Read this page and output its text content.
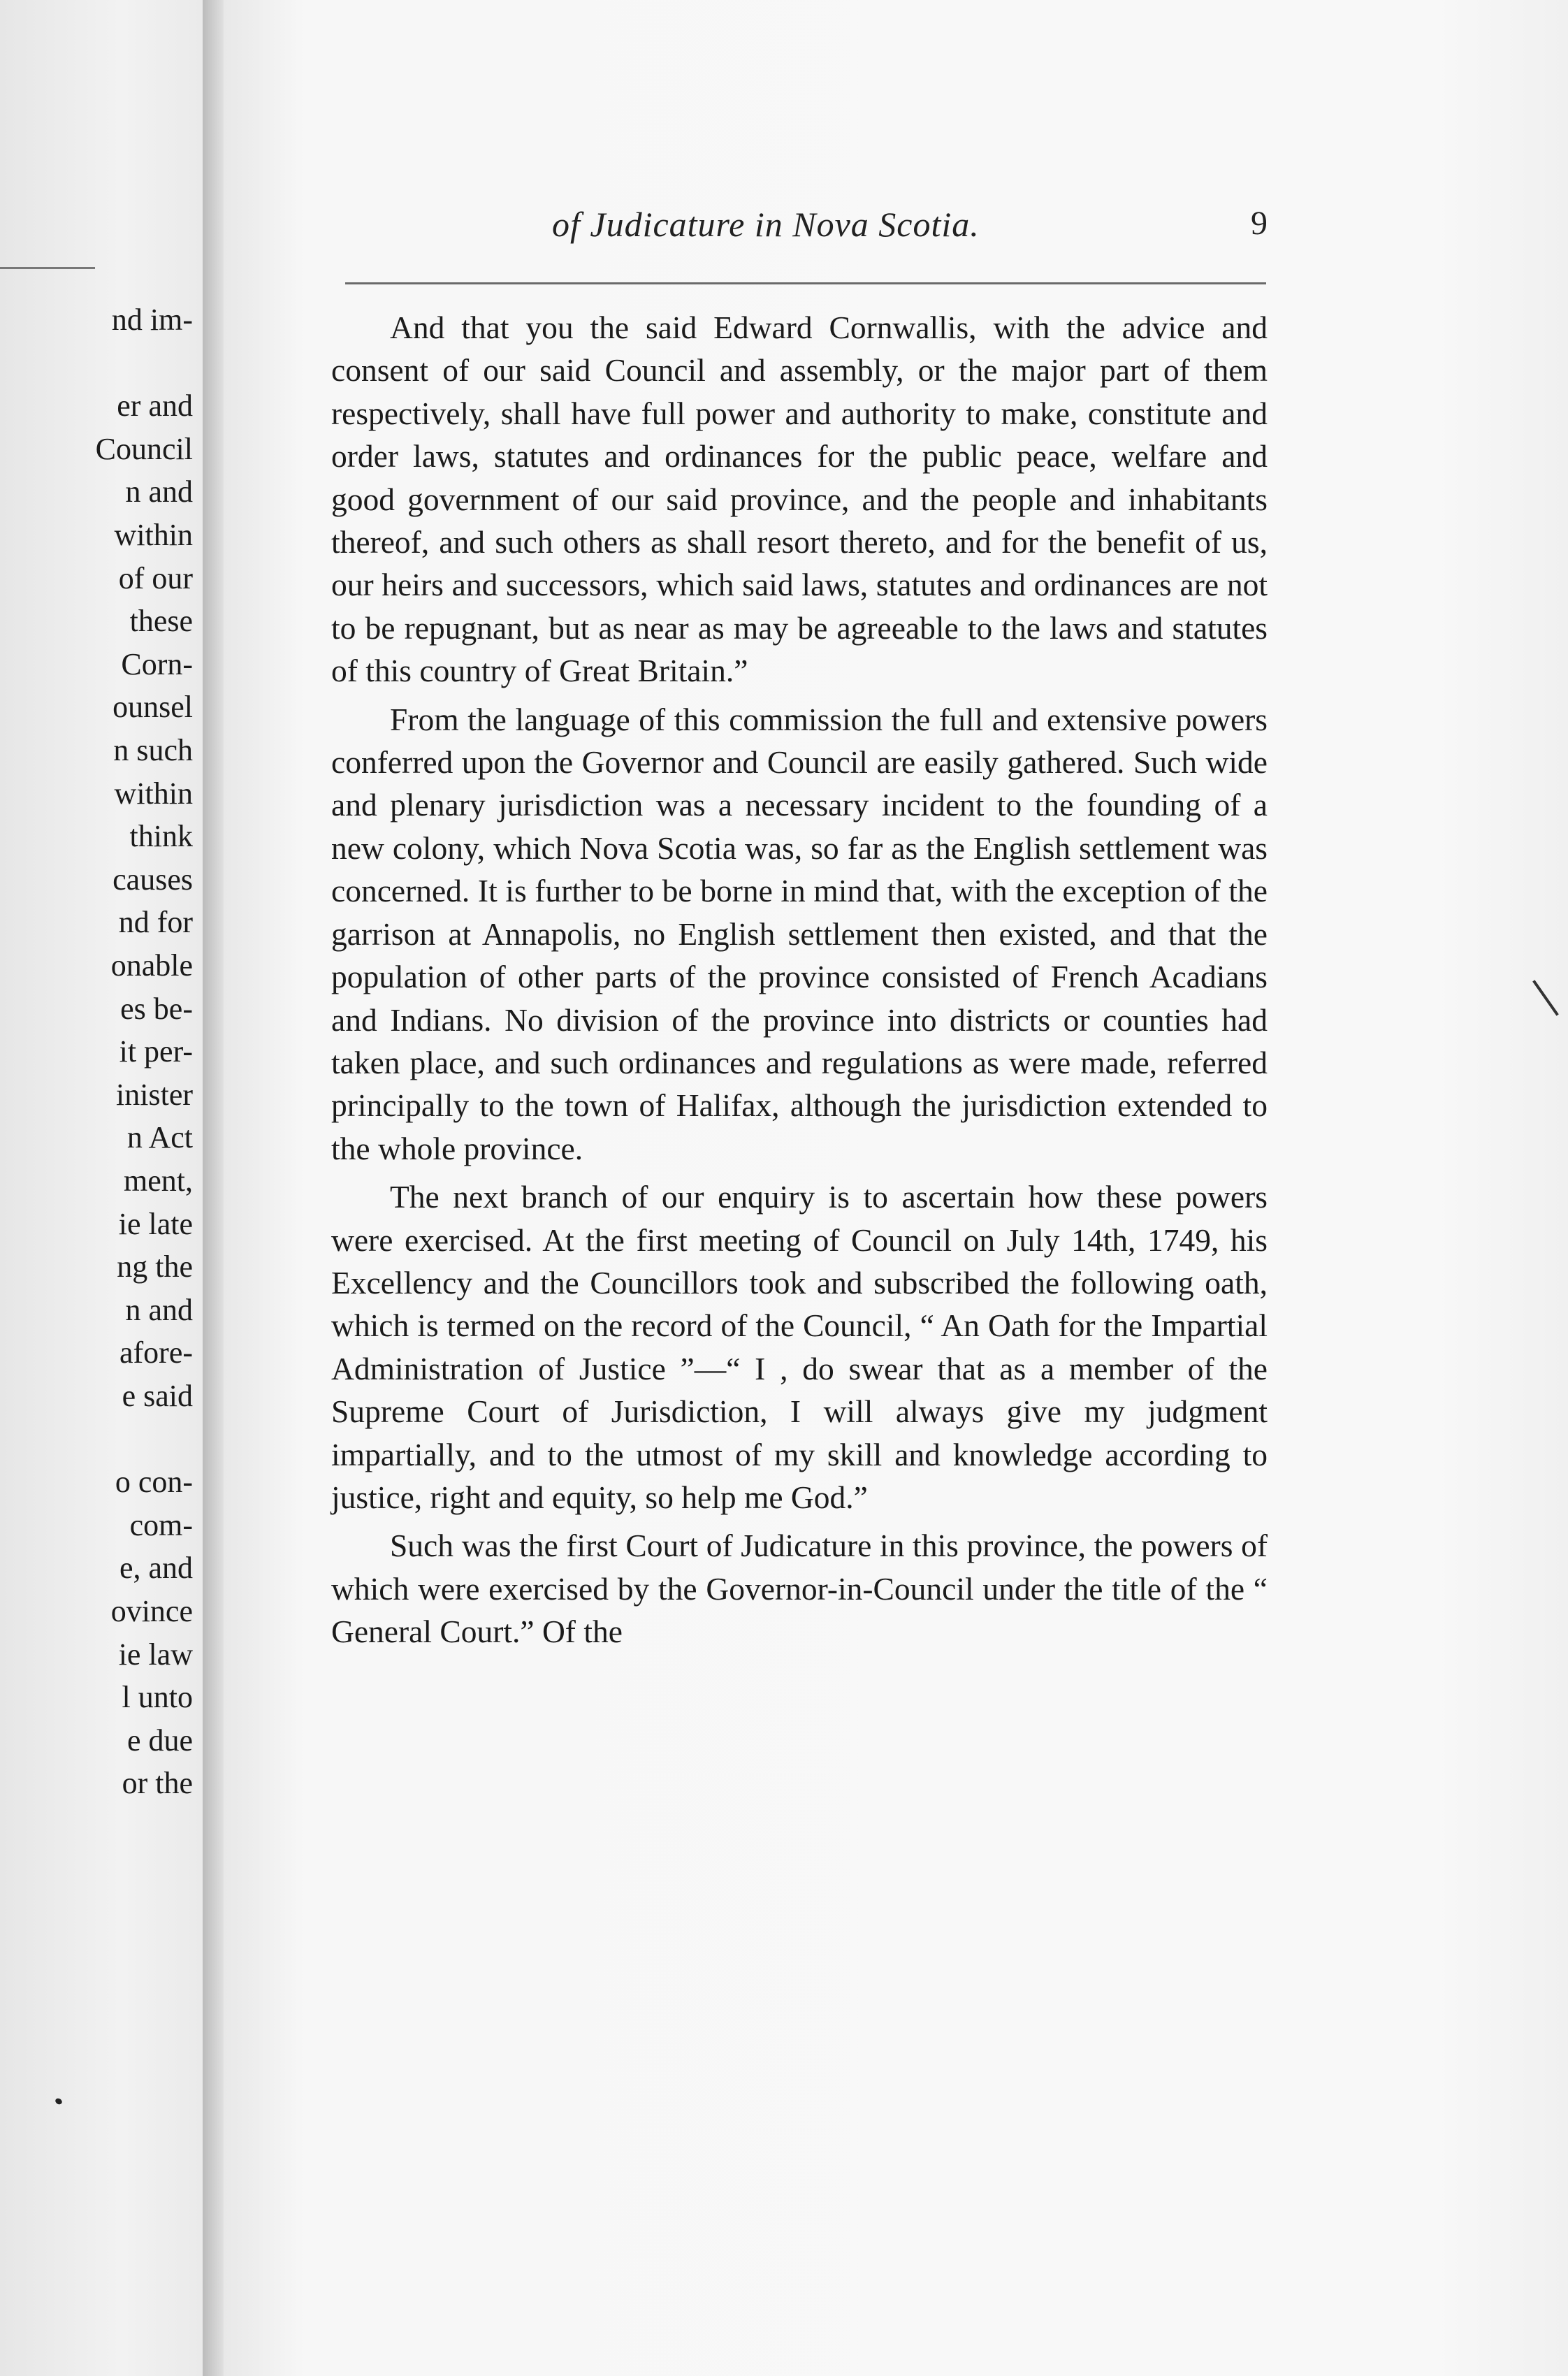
nd im-
er and
Council
n and
within
of our
these
Corn-
ounsel
n such
within
think
causes
nd for
onable
es be-
it per-
inister
n Act
ment,
ie late
ng the
n and
afore-
e said
o con-
com-
e, and
ovince
ie law
l unto
e due
or the
of Judicature in Nova Scotia.	9

And that you the said Edward Cornwallis, with the advice and consent of our said Council and assembly, or the major part of them respectively, shall have full power and authority to make, constitute and order laws, statutes and ordinances for the public peace, welfare and good government of our said province, and the people and inhabitants thereof, and such others as shall resort thereto, and for the benefit of us, our heirs and successors, which said laws, statutes and ordinances are not to be repugnant, but as near as may be agreeable to the laws and statutes of this country of Great Britain.”

From the language of this commission the full and extensive powers conferred upon the Governor and Council are easily gathered. Such wide and plenary jurisdiction was a necessary incident to the founding of a new colony, which Nova Scotia was, so far as the English settlement was concerned. It is further to be borne in mind that, with the exception of the garrison at Annapolis, no English settlement then existed, and that the population of other parts of the province consisted of French Acadians and Indians. No division of the province into districts or counties had taken place, and such ordinances and regulations as were made, referred principally to the town of Halifax, although the jurisdiction extended to the whole province.

The next branch of our enquiry is to ascertain how these powers were exercised. At the first meeting of Council on July 14th, 1749, his Excellency and the Councillors took and subscribed the following oath, which is termed on the record of the Council, “ An Oath for the Impartial Administration of Justice ”—“ I , do swear that as a member of the Supreme Court of Jurisdiction, I will always give my judgment impartially, and to the utmost of my skill and knowledge according to justice, right and equity, so help me God.”

Such was the first Court of Judicature in this province, the powers of which were exercised by the Governor-in-Council under the title of the “ General Court.” Of the
